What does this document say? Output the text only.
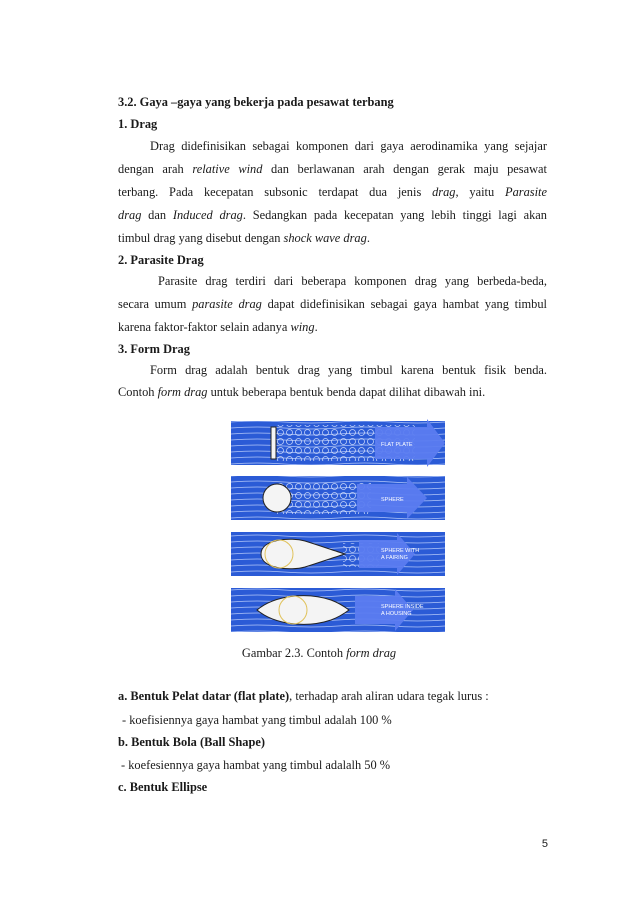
3.2. Gaya –gaya yang bekerja pada pesawat terbang
1. Drag
Drag didefinisikan sebagai komponen dari gaya aerodinamika yang sejajar
dengan arah relative wind dan berlawanan arah dengan gerak maju pesawat
terbang. Pada kecepatan subsonic terdapat dua jenis drag, yaitu Parasite
drag dan Induced drag. Sedangkan pada kecepatan yang lebih tinggi lagi akan
timbul drag yang disebut dengan shock wave drag.
2. Parasite Drag
Parasite drag terdiri dari beberapa komponen drag yang berbeda-beda,
secara umum parasite drag dapat didefinisikan sebagai gaya hambat yang timbul
karena faktor-faktor selain adanya wing.
3. Form Drag
Form drag adalah bentuk drag yang timbul karena bentuk fisik benda.
Contoh form drag untuk beberapa bentuk benda dapat dilihat dibawah ini.
FLAT PLATE
SPHERE
SPHERE WITH
A FAIRING
SPHERE INSIDE
A HOUSING
Gambar 2.3. Contoh form drag
a. Bentuk Pelat datar (flat plate), terhadap arah aliran udara tegak lurus :
- koefisiennya gaya hambat yang timbul adalah 100 %
b. Bentuk Bola (Ball Shape)
- koefesiennya gaya hambat yang timbul adalalh 50 %
c. Bentuk Ellipse
5
